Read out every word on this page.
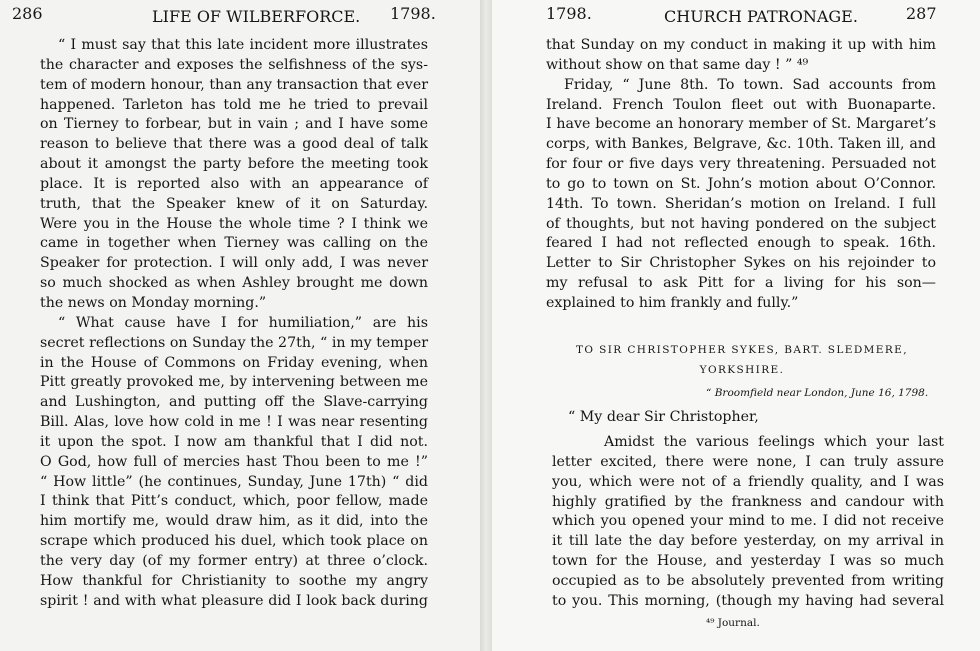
286	LIFE OF WILBERFORCE. 1798.
“ I must say that this late incident more illustrates
the character and exposes the selfishness of the sys-
tem of modern honour, than any transaction that ever
happened. Tarleton has told me he tried to prevail
on Tierney to forbear, but in vain ; and I have some
reason to believe that there was a good deal of talk
about it amongst the party before the meeting took
place. It is reported also with an appearance of
truth, that the Speaker knew of it on Saturday.
Were you in the House the whole time ? I think we
came in together when Tierney was calling on the
Speaker for protection. I will only add, I was never
so much shocked as when Ashley brought me down
the news on Monday morning.”
“ What cause have I for humiliation,” are his
secret reflections on Sunday the 27th, “ in my temper
in the House of Commons on Friday evening, when
Pitt greatly provoked me, by intervening between me
and Lushington, and putting off the Slave-carrying
Bill. Alas, love how cold in me ! I was near resenting
it upon the spot. I now am thankful that I did not.
O God, how full of mercies hast Thou been to me !”
“ How little” (he continues, Sunday, June 17th) “ did
I think that Pitt’s conduct, which, poor fellow, made
him mortify me, would draw him, as it did, into the
scrape which produced his duel, which took place on
the very day (of my former entry) at three o’clock.
How thankful for Christianity to soothe my angry
spirit ! and with what pleasure did I look back during
1798.	CHURCH PATRONAGE.	287
that Sunday on my conduct in making it up with him
without show on that same day ! ” ⁴⁹
Friday, “ June 8th. To town. Sad accounts from
Ireland. French Toulon fleet out with Buonaparte.
I have become an honorary member of St. Margaret’s
corps, with Bankes, Belgrave, &c. 10th. Taken ill, and
for four or five days very threatening. Persuaded not
to go to town on St. John’s motion about O’Connor.
14th. To town. Sheridan’s motion on Ireland. I full
of thoughts, but not having pondered on the subject
feared I had not reflected enough to speak. 16th.
Letter to Sir Christopher Sykes on his rejoinder to
my refusal to ask Pitt for a living for his son—
explained to him frankly and fully.”
TO SIR CHRISTOPHER SYKES, BART. SLEDMERE,
YORKSHIRE.
“ Broomfield near London, June 16, 1798.
“ My dear Sir Christopher,
Amidst the various feelings which your last
letter excited, there were none, I can truly assure
you, which were not of a friendly quality, and I was
highly gratified by the frankness and candour with
which you opened your mind to me. I did not receive
it till late the day before yesterday, on my arrival in
town for the House, and yesterday I was so much
occupied as to be absolutely prevented from writing
to you. This morning, (though my having had several
⁴⁹ Journal.
